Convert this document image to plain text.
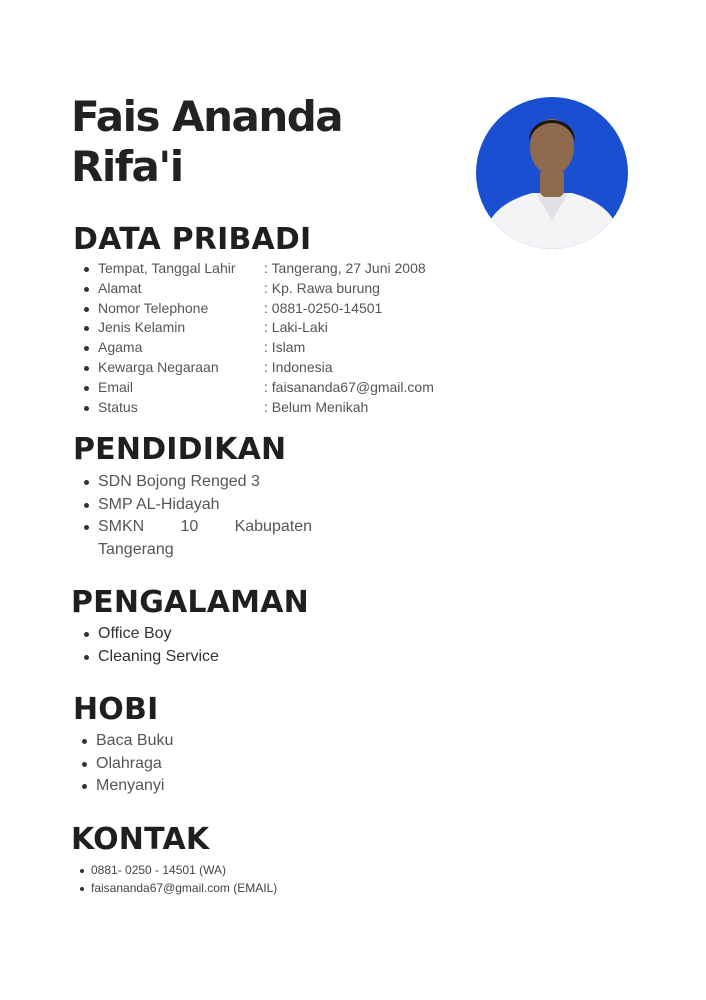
Fais Ananda
Rifa'i
DATA PRIBADI
Tempat, Tanggal Lahir : Tangerang, 27 Juni 2008
Alamat	: Kp. Rawa burung
Nomor Telephone	: 0881-0250-14501
Jenis Kelamin	: Laki-Laki
Agama	: Islam
Kewarga Negaraan	: Indonesia
Email	: faisananda67@gmail.com
Status	: Belum Menikah
PENDIDIKAN
SDN Bojong Renged 3
SMP AL-Hidayah
SMKN 10 Kabupaten Tangerang
PENGALAMAN
Office Boy
Cleaning Service
HOBI
Baca Buku
Olahraga
Menyanyi
KONTAK
0881- 0250 - 14501 (WA)
faisananda67@gmail.com (EMAIL)
